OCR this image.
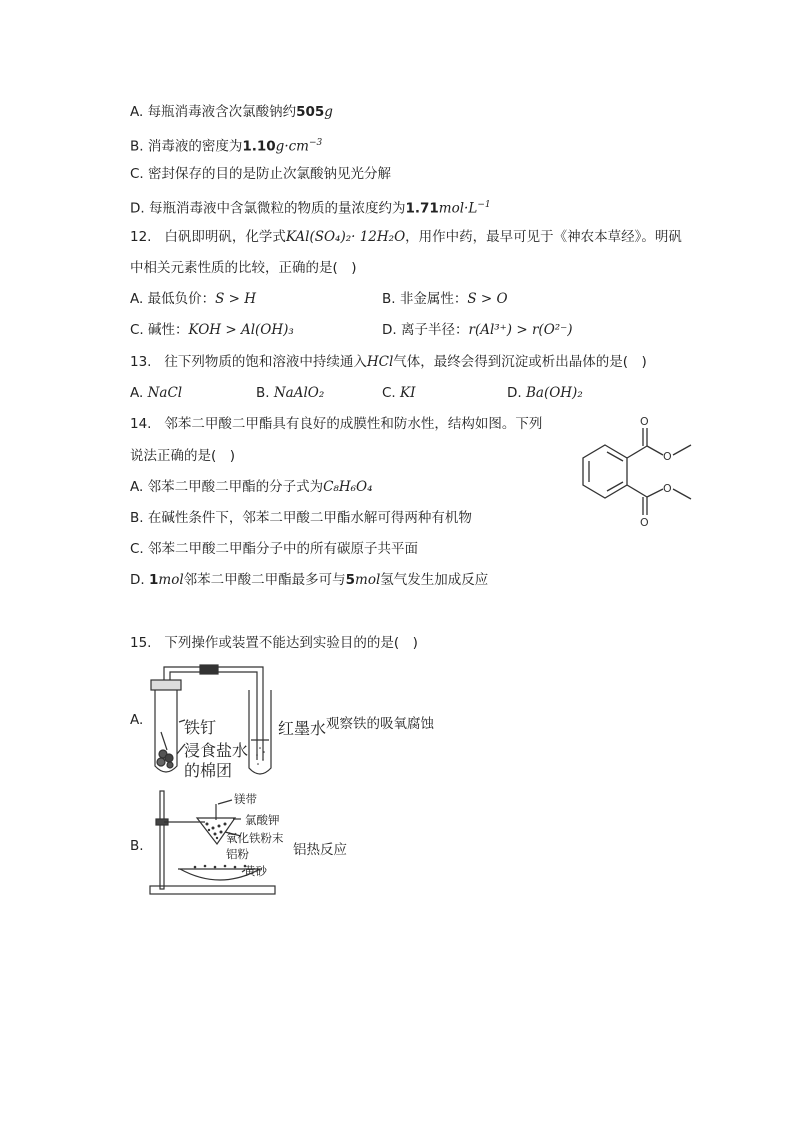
A. 每瓶消毒液含次氯酸钠约505g
B. 消毒液的密度为$1.10g\cdot cm^{-3}$
C. 密封保存的目的是防止次氯酸钠见光分解
D. 每瓶消毒液中含氯微粒的物质的量浓度约为$1.71mol\cdot L^{-1}$
12. 白矾即明矾，化学式KAl(SO₄)₂· 12H₂O，用作中药，最早可见于《神农本草经》。明矾
中相关元素性质的比较，正确的是(　)
A. 最低负价：S > H	B. 非金属性：S > O
C. 碱性：KOH > Al(OH)₃	D. 离子半径：r(Al³⁺) > r(O²⁻)
13. 往下列物质的饱和溶液中持续通入HCl气体，最终会得到沉淀或析出晶体的是(　)
A. NaCl	B. NaAlO₂	C. KI	D. Ba(OH)₂
14. 邻苯二甲酸二甲酯具有良好的成膜性和防水性，结构如图。下列
说法正确的是(　)
A. 邻苯二甲酸二甲酯的分子式为C₈H₆O₄
B. 在碱性条件下，邻苯二甲酸二甲酯水解可得两种有机物
C. 邻苯二甲酸二甲酯分子中的所有碳原子共平面
D. 1mol邻苯二甲酸二甲酯最多可与5mol氢气发生加成反应
O
O
O
O
15. 下列操作或装置不能达到实验目的的是(　)
A.	铁钉
浸食盐水
的棉团
红墨水 观察铁的吸氧腐蚀
B.
镁带
氯酸钾
氧化铁粉末
铝粉
黄砂
铝热反应
